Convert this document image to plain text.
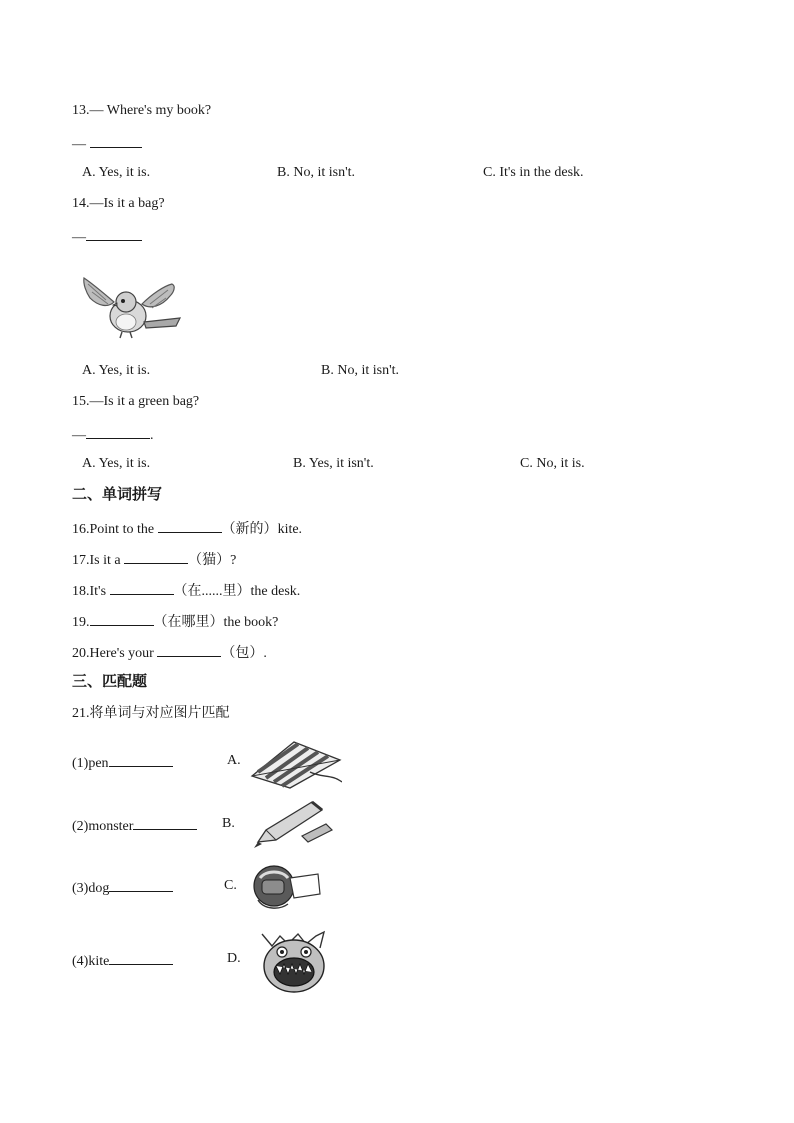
13.— Where's my book?
—
A. Yes, it is.	B. No, it isn't.	C. It's in the desk.
14.—Is it a bag?
—
A. Yes, it is.	B. No, it isn't.
15.—Is it a green bag?
—	.
A. Yes, it is.	B. Yes, it isn't.	C. No, it is.
二、单词拼写
16.Point to the	（新的）kite.
17.Is it a	（猫）?
18.It's	（在......里）the desk.
19.	（在哪里）the book?
20.Here's your	（包）.
三、匹配题
21.将单词与对应图片匹配
(1)pen	A.
(2)monster	B.
(3)dog	C.
(4)kite	D.
